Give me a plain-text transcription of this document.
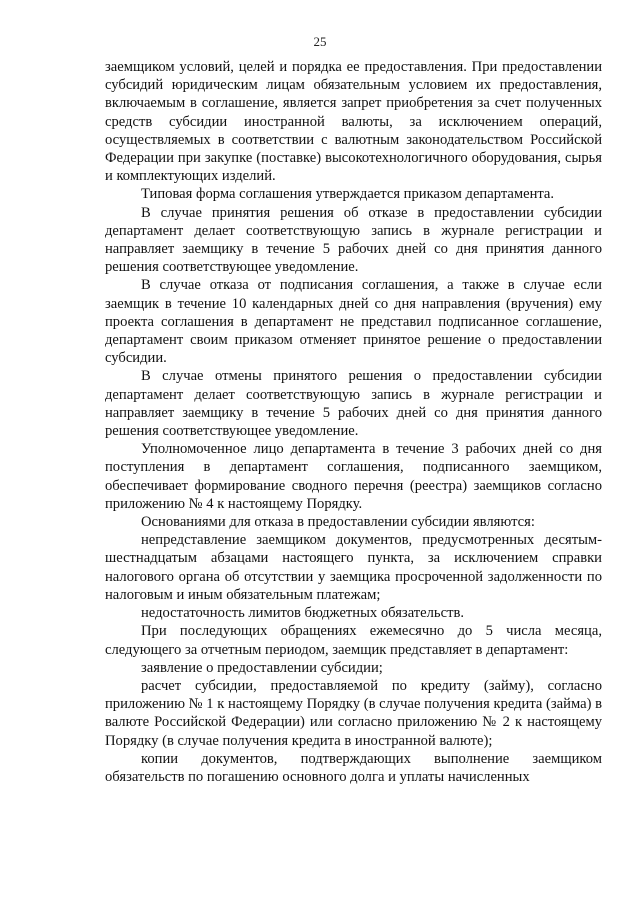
25

заемщиком условий, целей и порядка ее предоставления. При предоставлении субсидий юридическим лицам обязательным условием их предоставления, включаемым в соглашение, является запрет приобретения за счет полученных средств субсидии иностранной валюты, за исключением операций, осуществляемых в соответствии с валютным законодательством Российской Федерации при закупке (поставке) высокотехнологичного оборудования, сырья и комплектующих изделий.

Типовая форма соглашения утверждается приказом департамента.

В случае принятия решения об отказе в предоставлении субсидии департамент делает соответствующую запись в журнале регистрации и направляет заемщику в течение 5 рабочих дней со дня принятия данного решения соответствующее уведомление.

В случае отказа от подписания соглашения, а также в случае если заемщик в течение 10 календарных дней со дня направления (вручения) ему проекта соглашения в департамент не представил подписанное соглашение, департамент своим приказом отменяет принятое решение о предоставлении субсидии.

В случае отмены принятого решения о предоставлении субсидии департамент делает соответствующую запись в журнале регистрации и направляет заемщику в течение 5 рабочих дней со дня принятия данного решения соответствующее уведомление.

Уполномоченное лицо департамента в течение 3 рабочих дней со дня поступления в департамент соглашения, подписанного заемщиком, обеспечивает формирование сводного перечня (реестра) заемщиков согласно приложению № 4 к настоящему Порядку.

Основаниями для отказа в предоставлении субсидии являются:

непредставление заемщиком документов, предусмотренных десятым-шестнадцатым абзацами настоящего пункта, за исключением справки налогового органа об отсутствии у заемщика просроченной задолженности по налоговым и иным обязательным платежам;

недостаточность лимитов бюджетных обязательств.

При последующих обращениях ежемесячно до 5 числа месяца, следующего за отчетным периодом, заемщик представляет в департамент:

заявление о предоставлении субсидии;

расчет субсидии, предоставляемой по кредиту (займу), согласно приложению № 1 к настоящему Порядку (в случае получения кредита (займа) в валюте Российской Федерации) или согласно приложению № 2 к настоящему Порядку (в случае получения кредита в иностранной валюте);

копии документов, подтверждающих выполнение заемщиком обязательств по погашению основного долга и уплаты начисленных
